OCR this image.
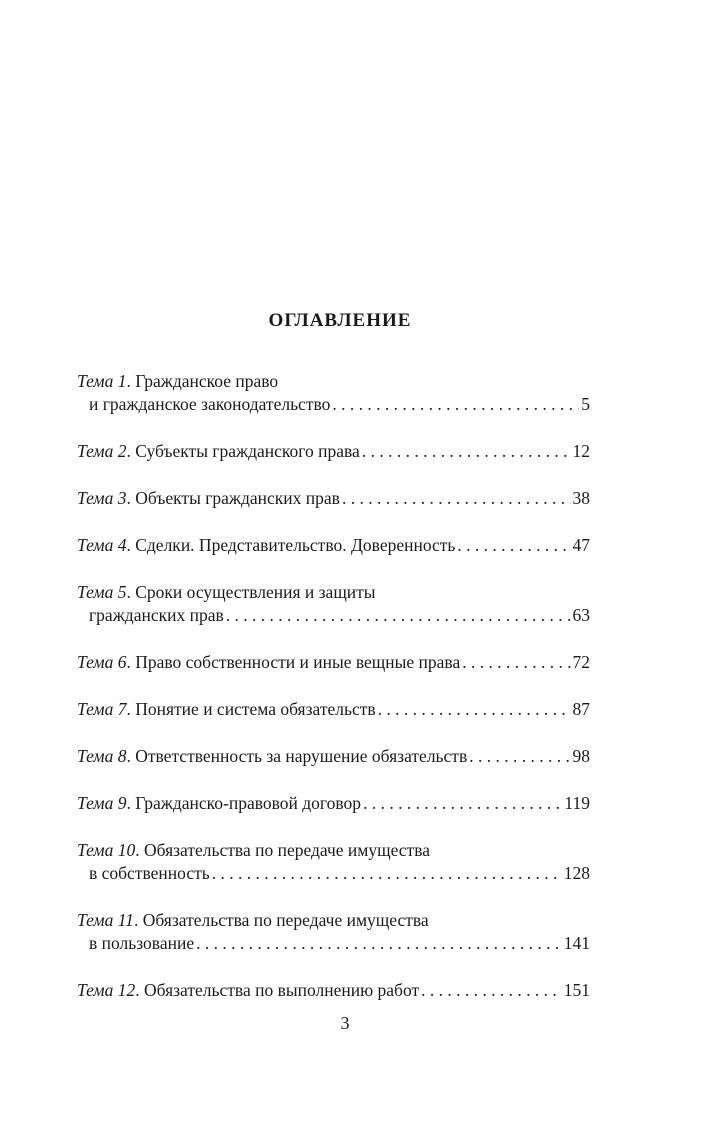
ОГЛАВЛЕНИЕ
Тема 1 . Гражданское право
и гражданское законодательство . . .	5
Тема 2 . Субъекты гражданского права . . .	12
Тема 3 . Объекты гражданских прав . . .	38
Тема 4 . Сделки. Представительство. Доверенность . . .	47
Тема 5 . Сроки осуществления и защиты
гражданских прав . . .	63
Тема 6 . Право собственности и иные вещные права . . .	72
Тема 7 . Понятие и система обязательств . . .	87
Тема 8 . Ответственность за нарушение обязательств . . .	98
Тема 9 . Гражданско-правовой договор . . .	119
Тема 10 . Обязательства по передаче имущества
в собственность . . .	128
Тема 11 . Обязательства по передаче имущества
в пользование . . .	141
Тема 12 . Обязательства по выполнению работ . . .	151
3
